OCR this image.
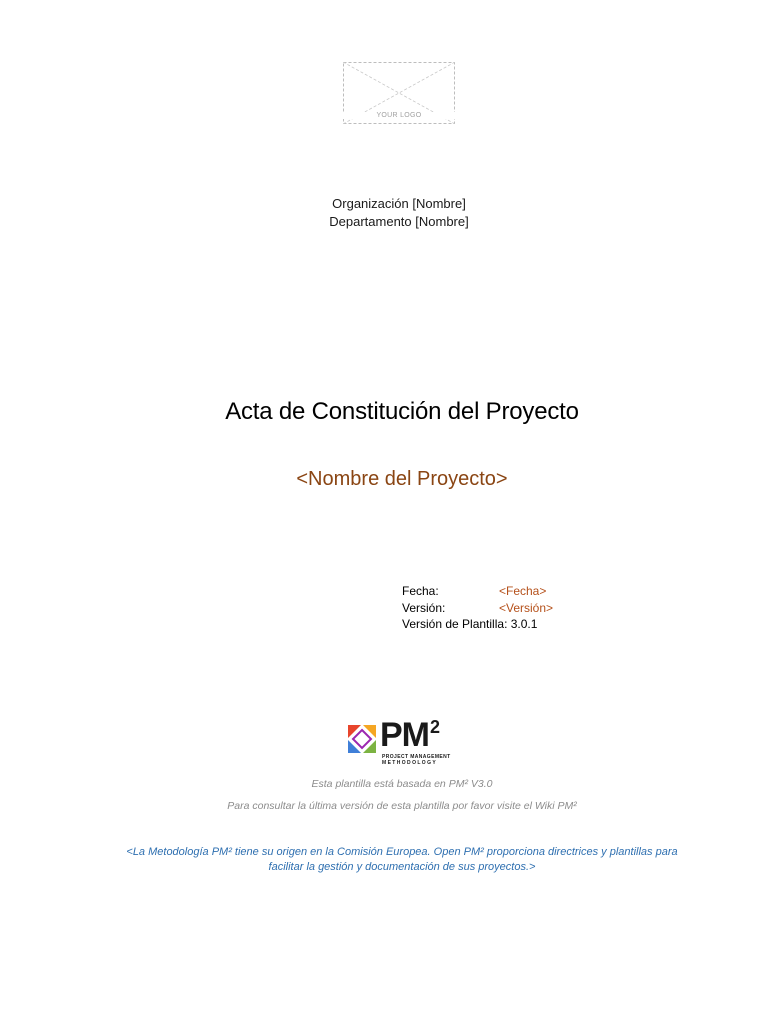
YOUR LOGO
Organización [Nombre]
Departamento [Nombre]
Acta de Constitución del Proyecto
<Nombre del Proyecto>
Fecha:	<Fecha>
Versión:	<Versión>
Versión de Plantilla:
3.0.1
$PM^2$
PROJECT MANAGEMENT
METHODOLOGY
Esta plantilla está basada en PM² V3.0
Para consultar la última versión de esta plantilla por favor visite el Wiki PM²
<La Metodología PM² tiene su origen en la Comisión Europea. Open PM² proporciona directrices y plantillas para facilitar la gestión y documentación de sus proyectos.>
